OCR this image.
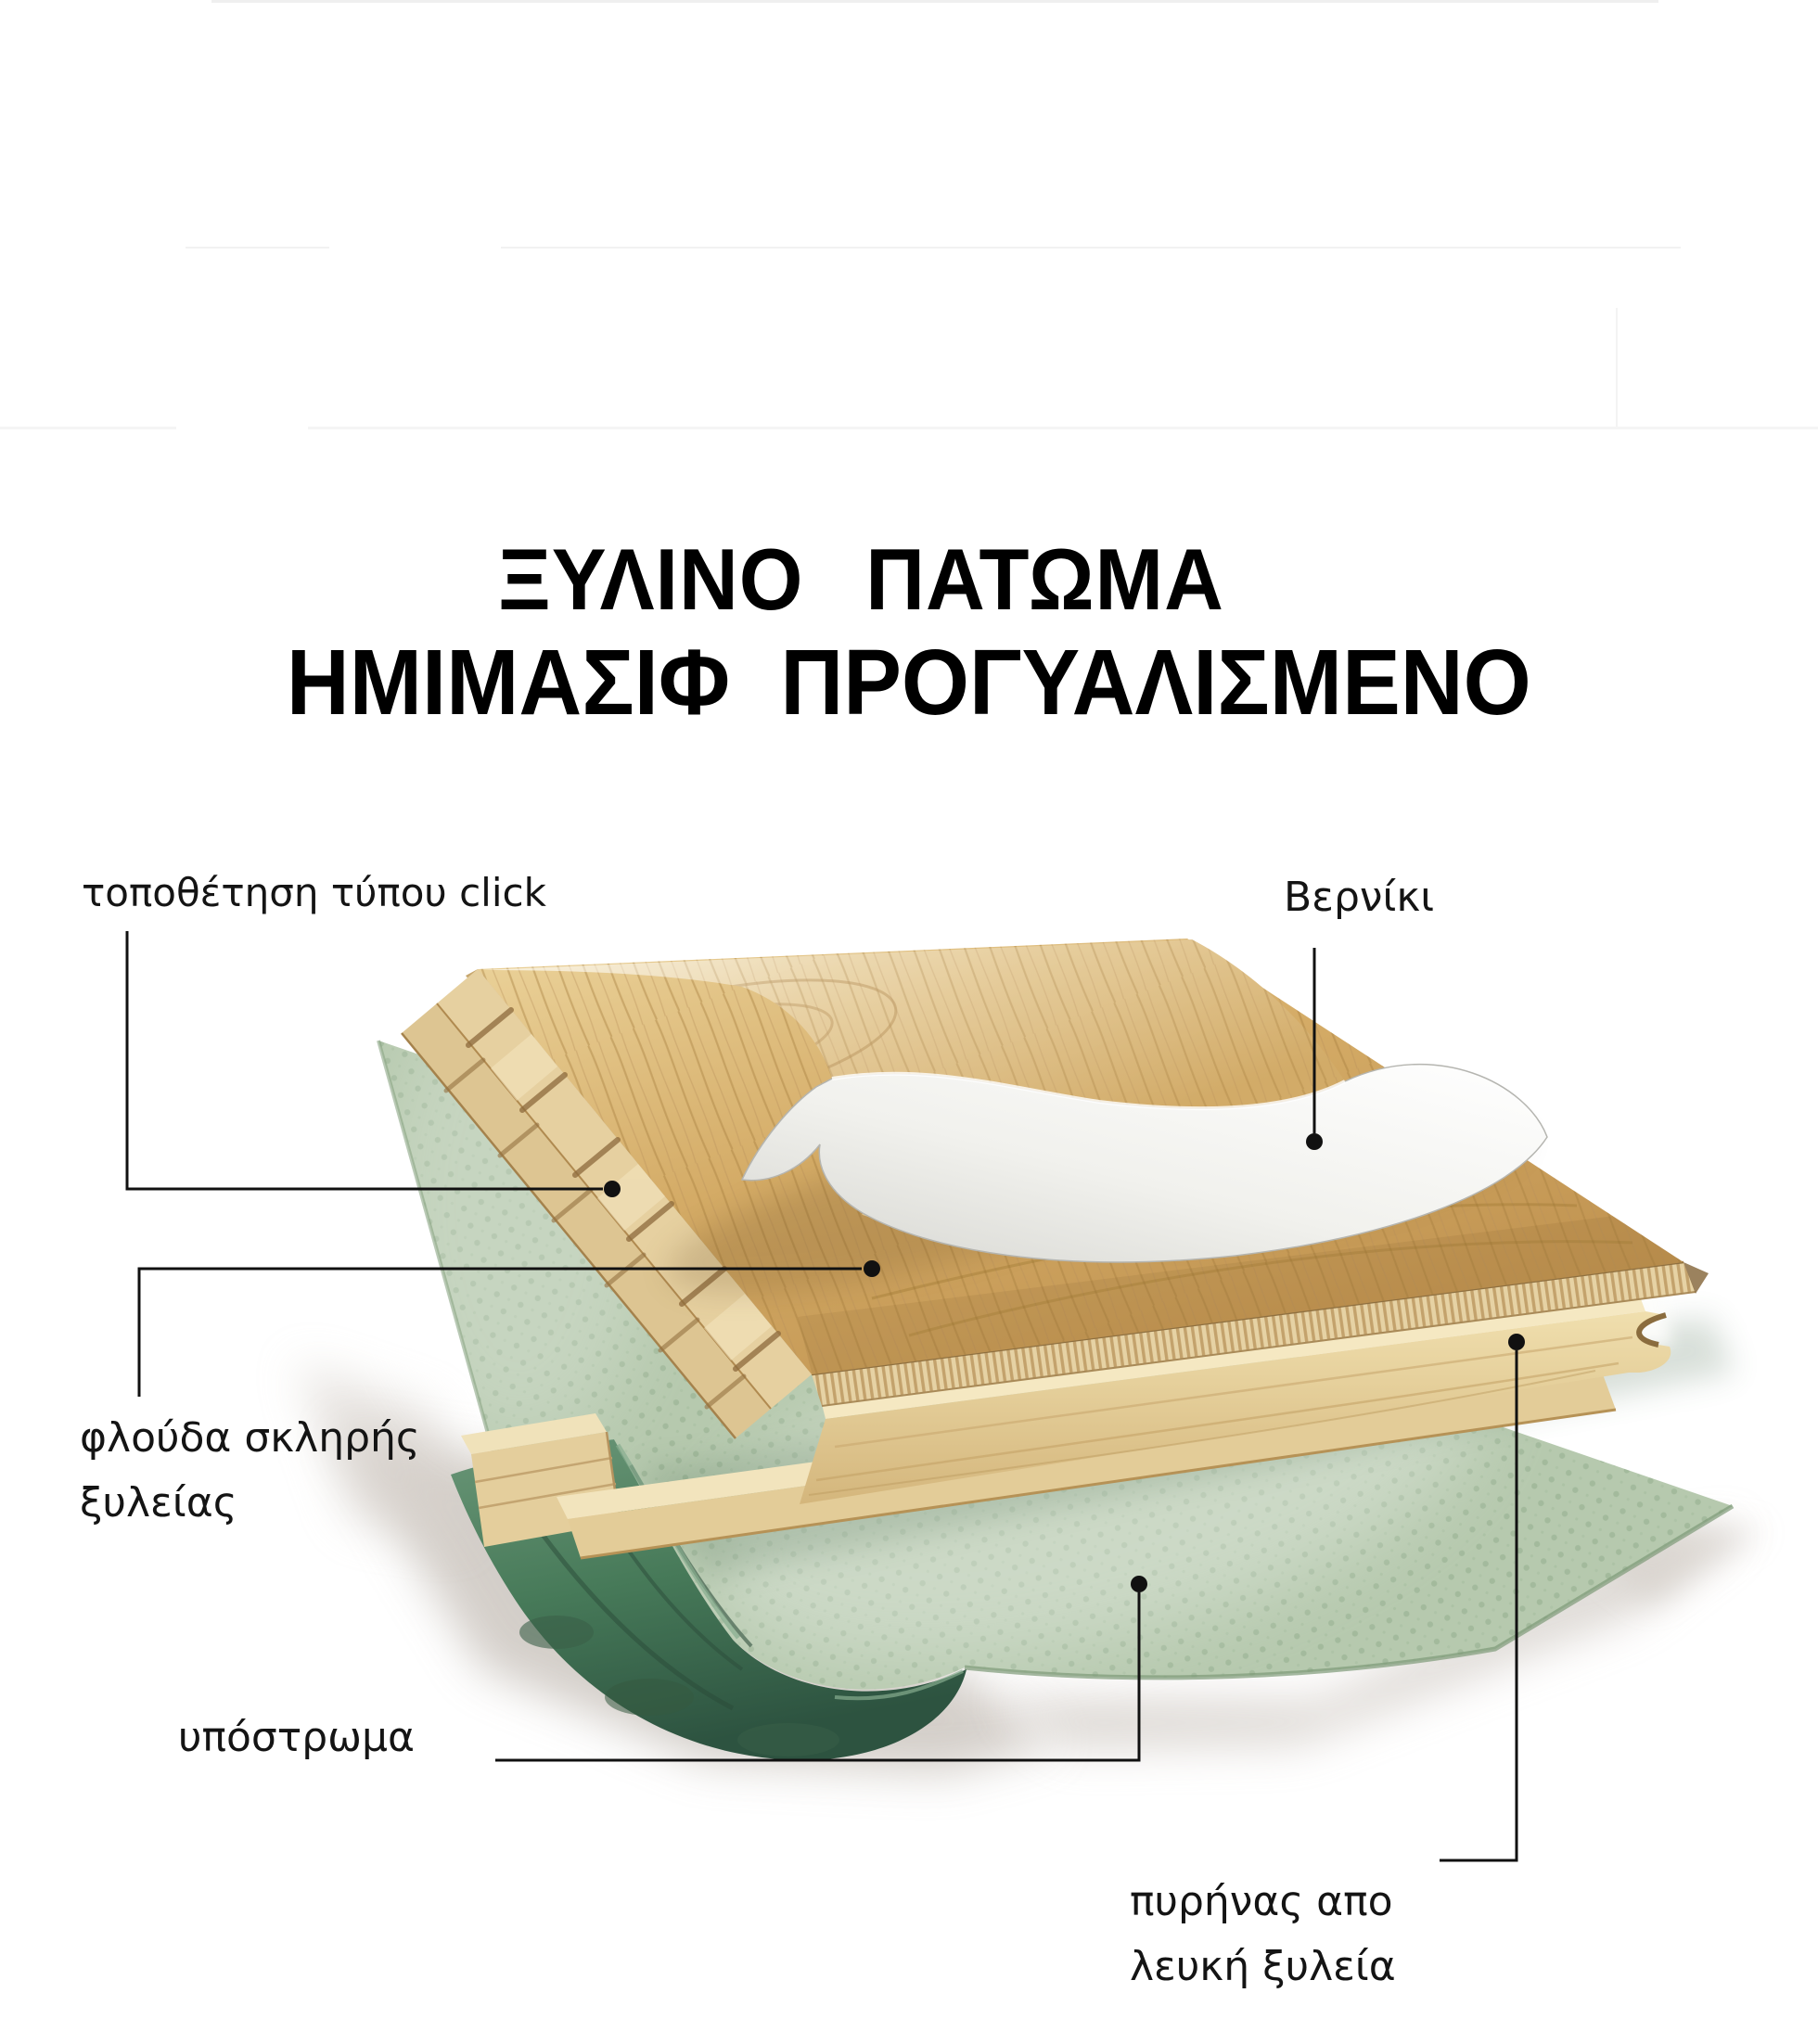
ΞΥΛΙΝΟ ΠΑΤΩΜΑ
ΗΜΙΜΑΣΙΦ ΠΡΟΓΥΑΛΙΣΜΕΝΟ
τοποθέτηση τύπου click	Βερνίκι
φλούδα σκληρής
ξυλείας
υπόστρωμα
πυρήνας απο
λευκή ξυλεία
